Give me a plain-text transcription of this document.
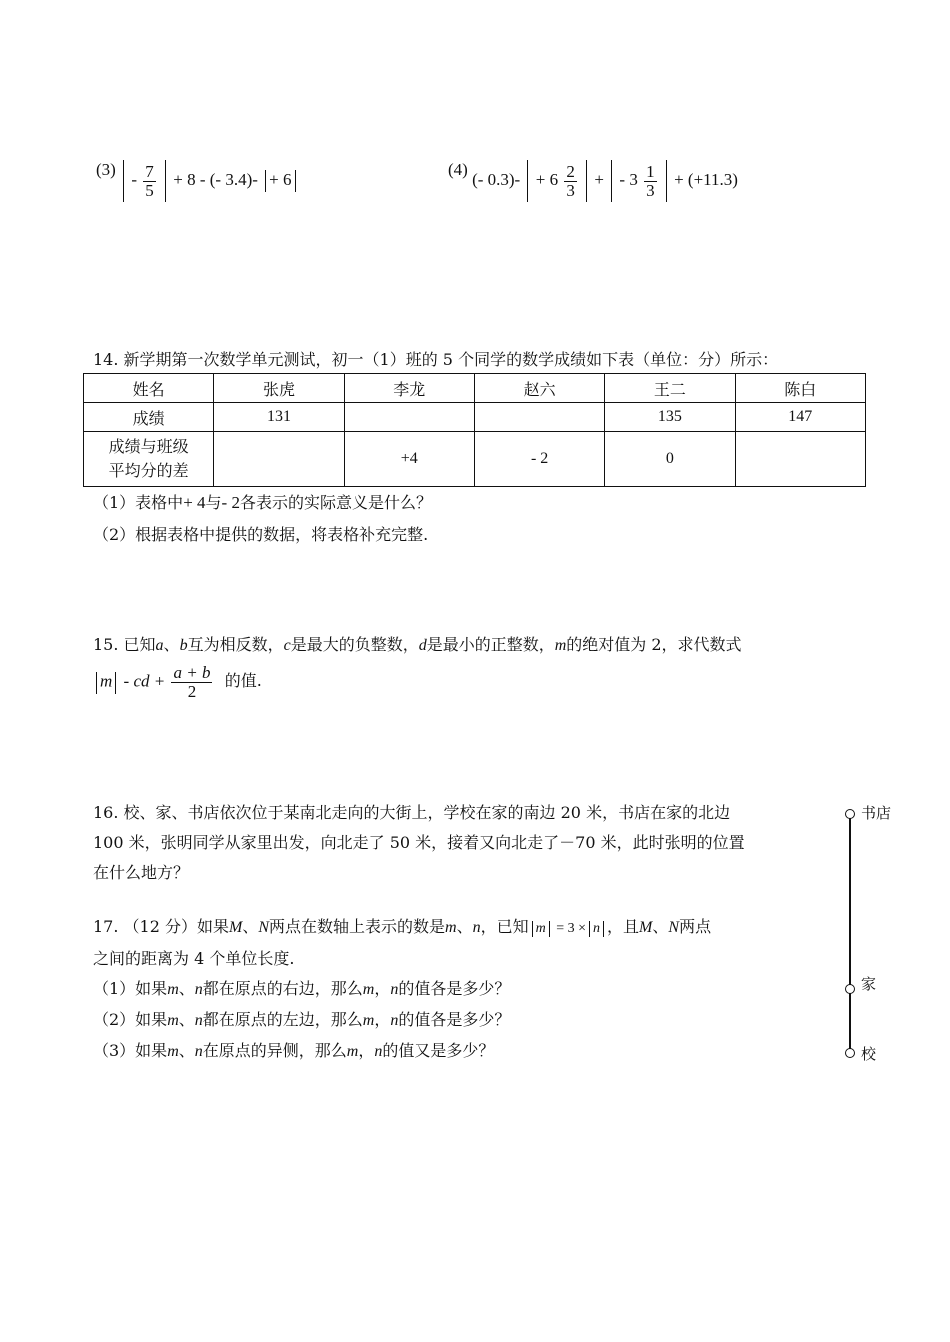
$(3) - \frac{7}{5} + 8$ - (- 3.4)- + 6
(4) (- $0.3)- + 6 \frac{2}{3}$ + - $3 \frac{1}{3} + (+11.3)$
14. 新学期第一次数学单元测试，初一（1）班的 5 个同学的数学成绩如下表（单位：分）所示：
姓名	张虎	李龙	赵六	王二	陈白
成绩	131			135	147

成绩与班级
平均分的差		+4	- 2	0	
（1）表格中+ 4与- 2各表示的实际意义是什么？
（2）根据表格中提供的数据，将表格补充完整.
15. 已知a、b互为相反数，c是最大的负整数，d是最小的正整数，m的绝对值为 2，求代数式
m - cd + $\frac{a + b}{2}$ 的值.
16. 校、家、书店依次位于某南北走向的大街上，学校在家的南边 20 米，书店在家的北边
100 米，张明同学从家里出发，向北走了 50 米，接着又向北走了－70 米，此时张明的位置
在什么地方？
17. （12 分）如果M、N两点在数轴上表示的数是m、n，已知 m = 3 × n ，且M、N两点
之间的距离为 4 个单位长度.
（1）如果m、n都在原点的右边，那么m，n的值各是多少？
（2）如果m、n都在原点的左边，那么m，n的值各是多少？
（3）如果m、n在原点的异侧，那么m，n的值又是多少？
书店
家
校
